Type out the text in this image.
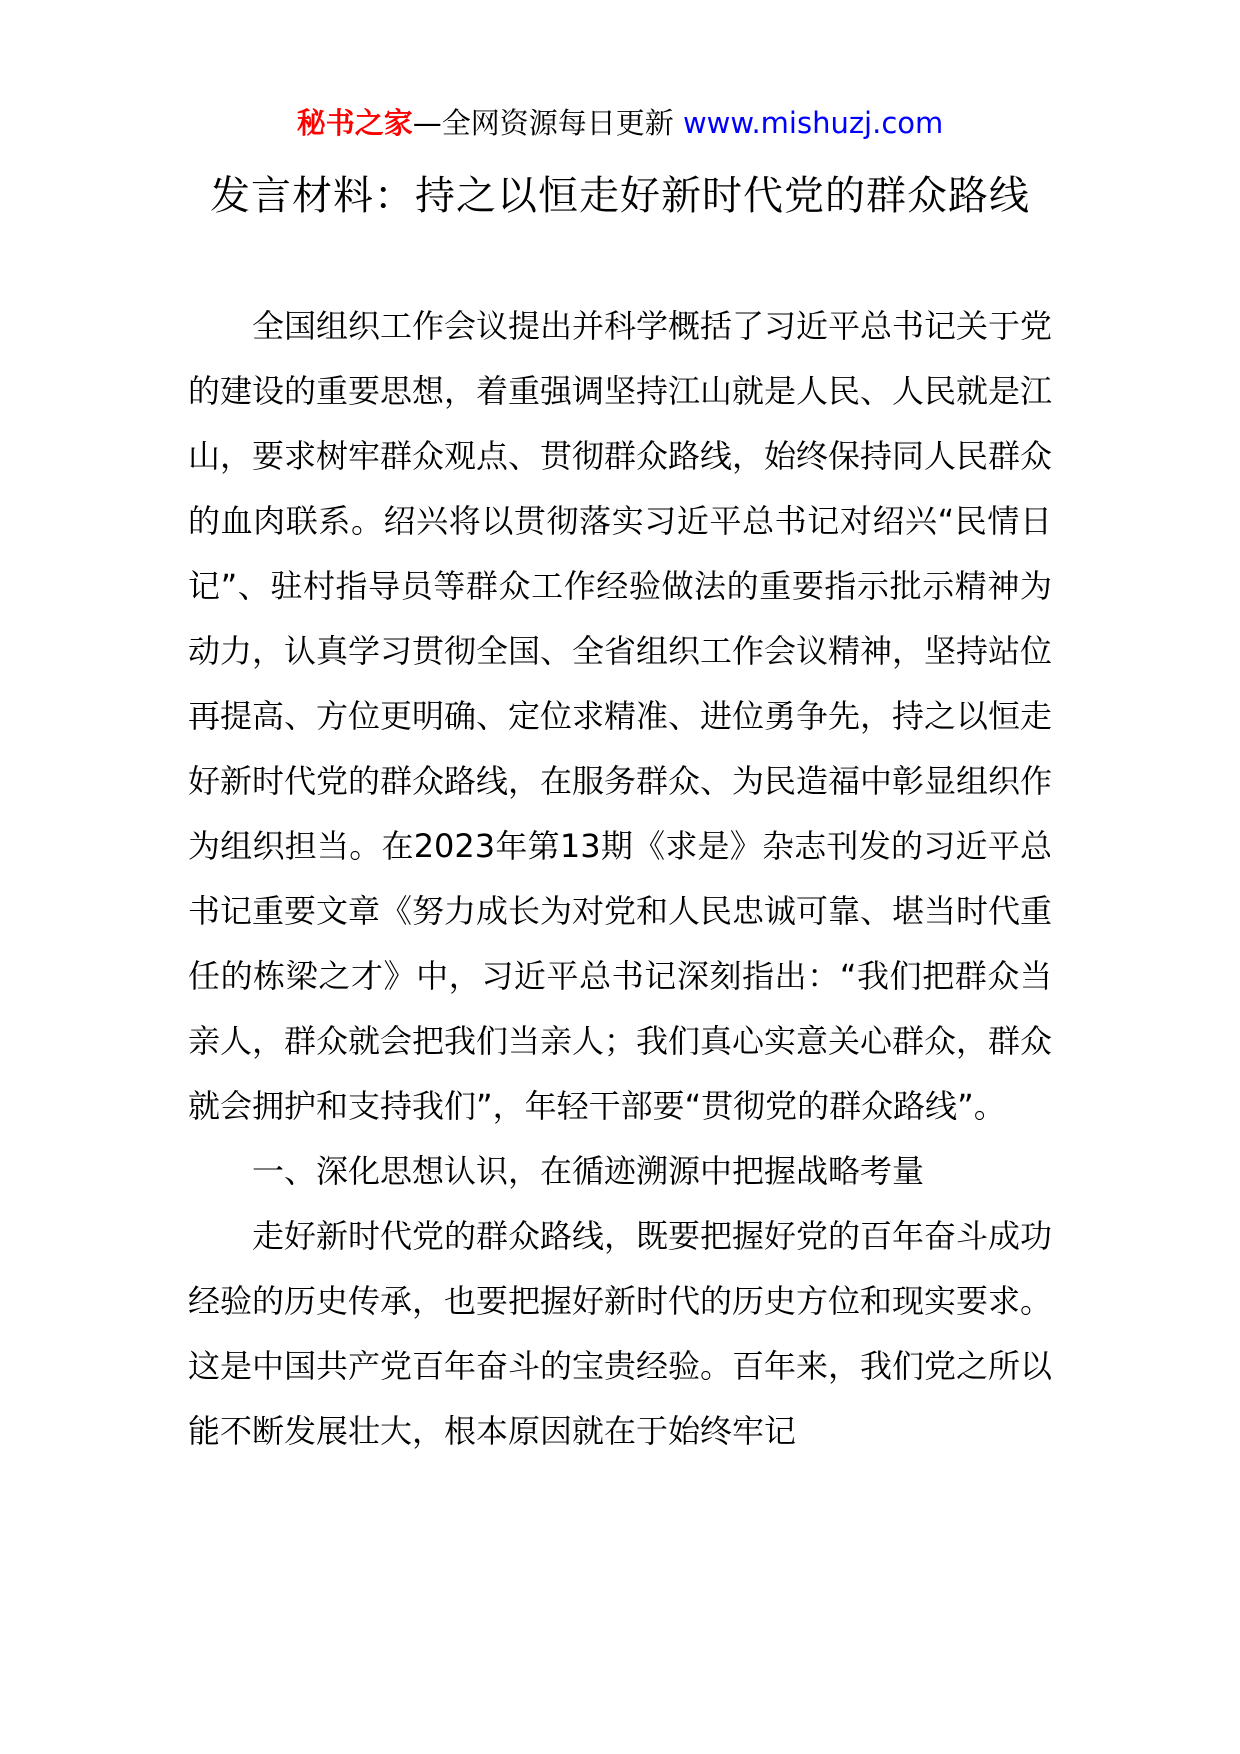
秘书之家—全网资源每日更新 www.mishuzj.com
发言材料：持之以恒走好新时代党的群众路线

全国组织工作会议提出并科学概括了习近平总书记关于党的建设的重要思想，着重强调坚持江山就是人民、人民就是江山，要求树牢群众观点、贯彻群众路线，始终保持同人民群众的血肉联系。绍兴将以贯彻落实习近平总书记对绍兴“民情日记”、驻村指导员等群众工作经验做法的重要指示批示精神为动力，认真学习贯彻全国、全省组织工作会议精神，坚持站位再提高、方位更明确、定位求精准、进位勇争先，持之以恒走好新时代党的群众路线，在服务群众、为民造福中彰显组织作为组织担当。在2023年第13期《求是》杂志刊发的习近平总书记重要文章《努力成长为对党和人民忠诚可靠、堪当时代重任的栋梁之才》中，习近平总书记深刻指出：“我们把群众当亲人，群众就会把我们当亲人；我们真心实意关心群众，群众就会拥护和支持我们”，年轻干部要“贯彻党的群众路线”。

一、深化思想认识，在循迹溯源中把握战略考量

走好新时代党的群众路线，既要把握好党的百年奋斗成功经验的历史传承，也要把握好新时代的历史方位和现实要求。这是中国共产党百年奋斗的宝贵经验。百年来，我们党之所以能不断发展壮大，根本原因就在于始终牢记
